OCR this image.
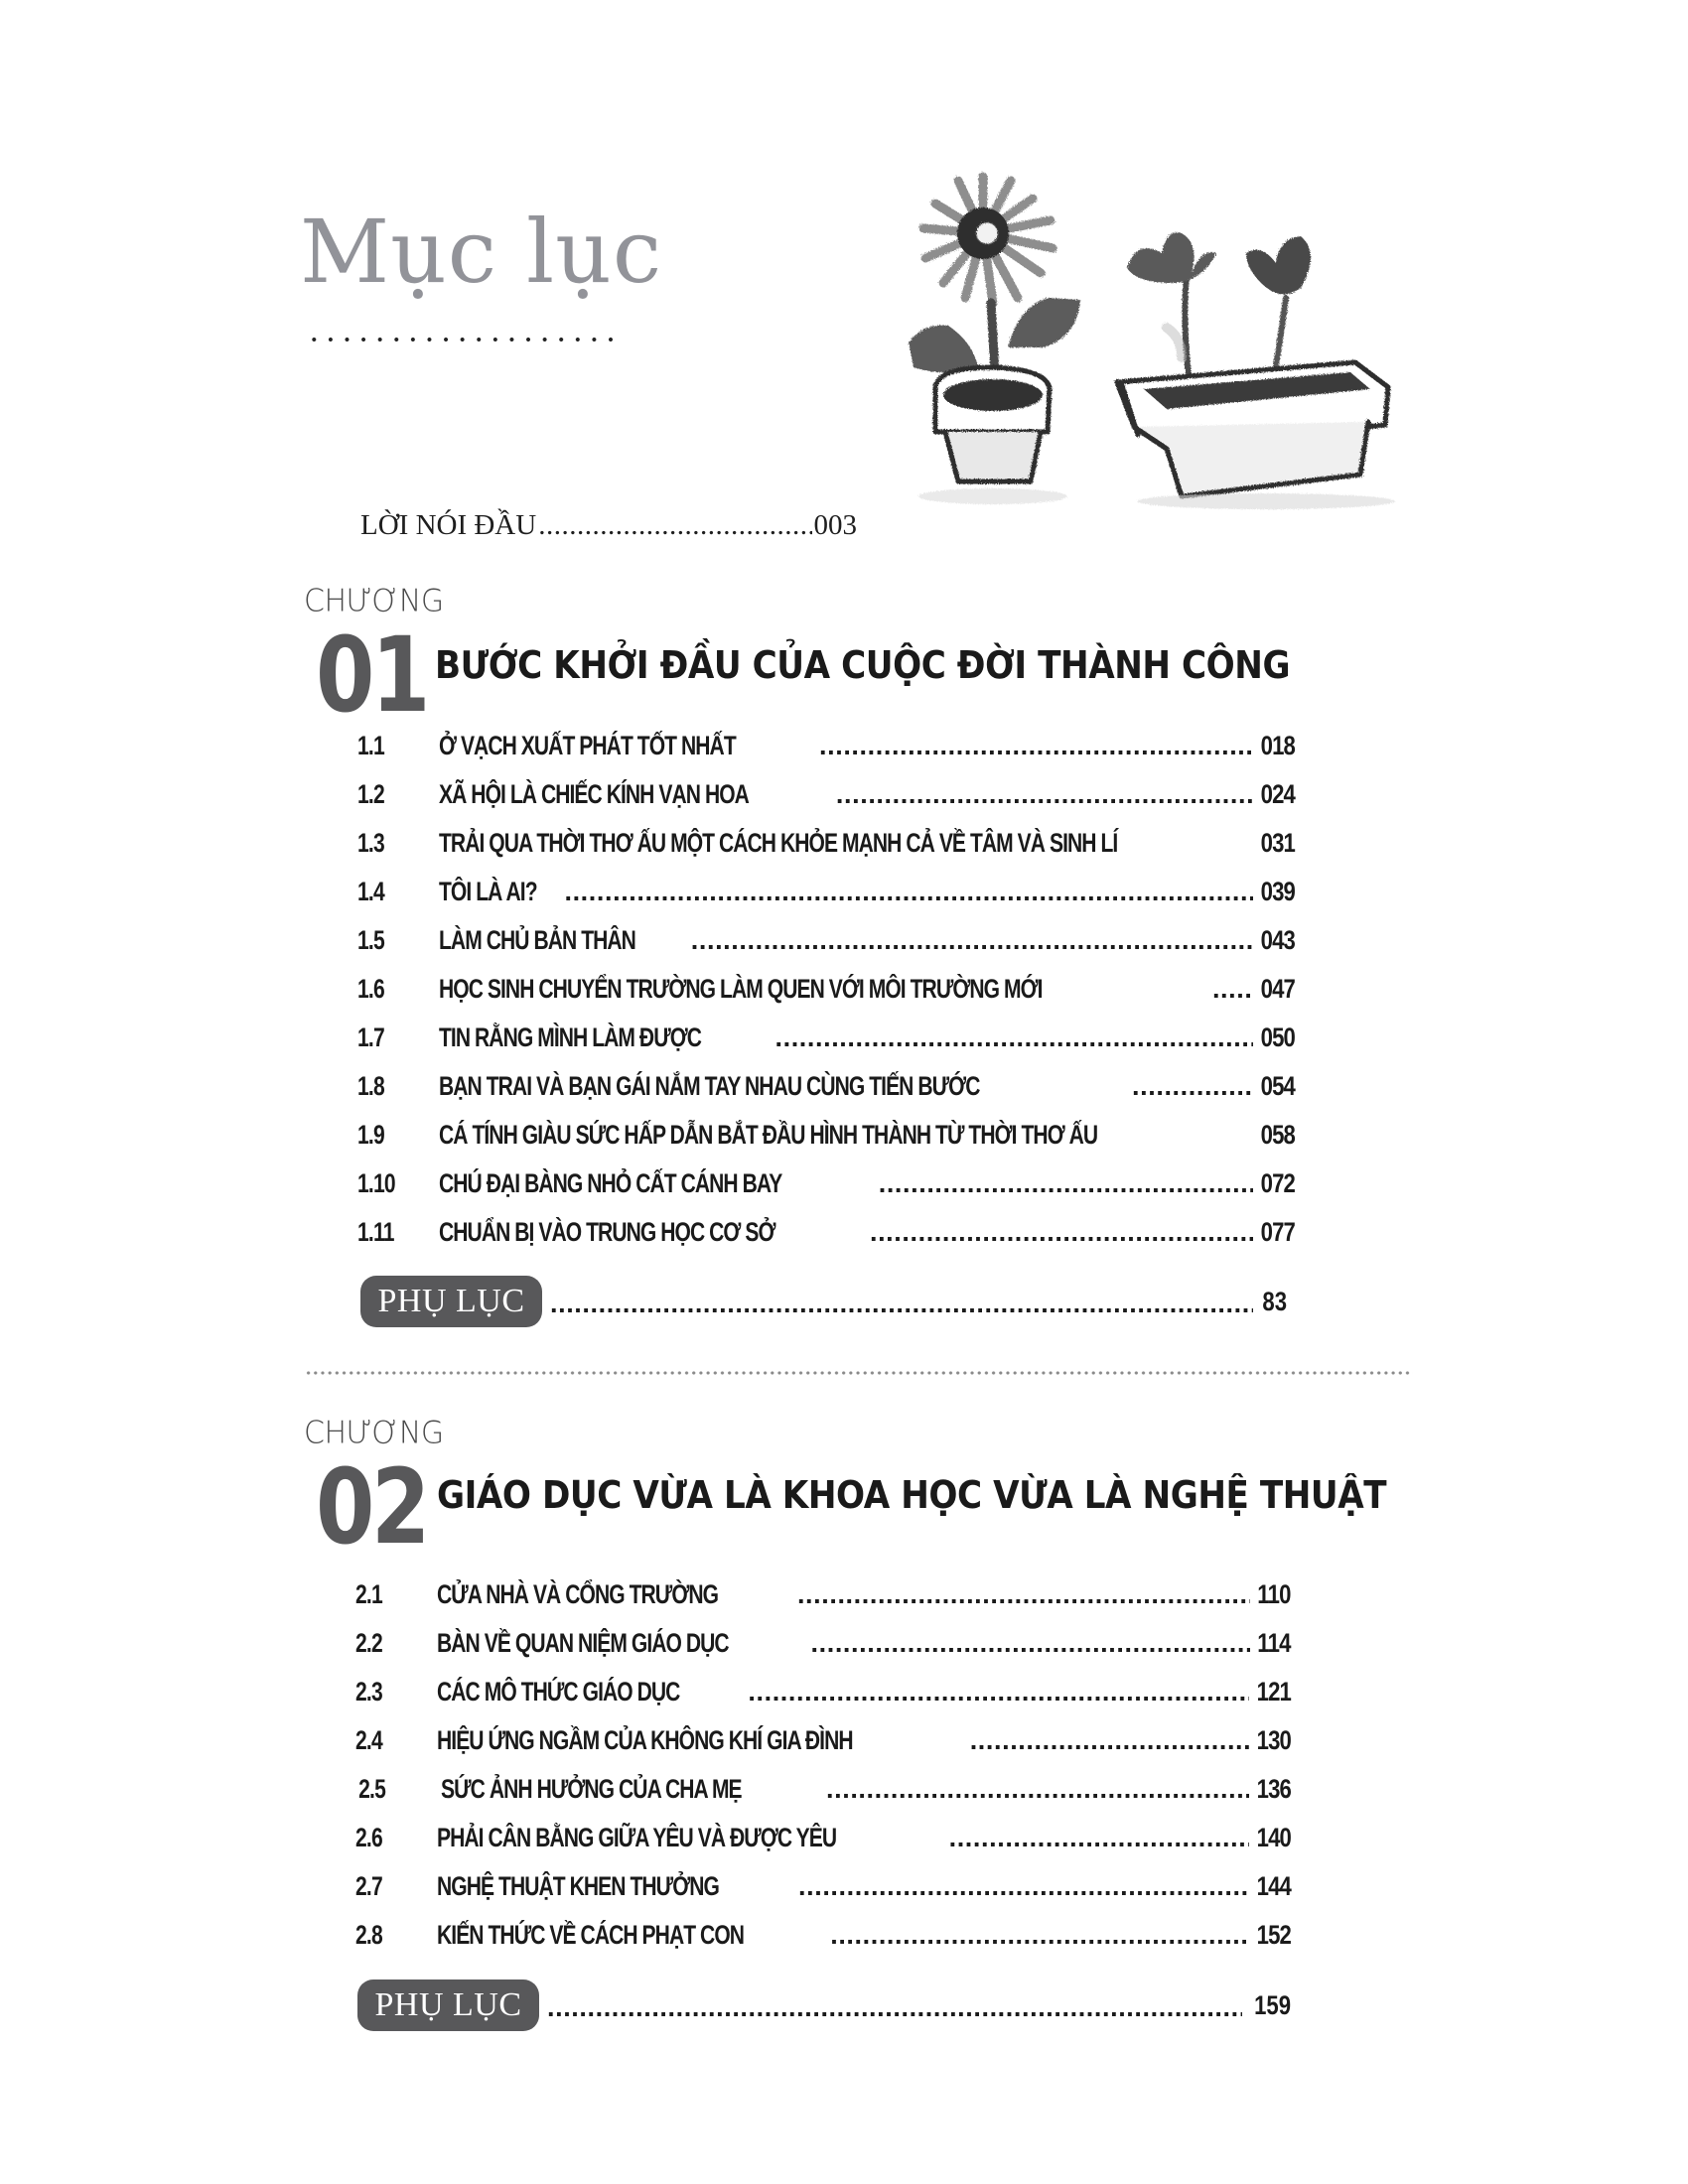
Mục lục
LỜI NÓI ĐẦU .....	003
CHƯƠNG
01 BƯỚC KHỞI ĐẦU CỦA CUỘC ĐỜI THÀNH CÔNG
1.1	Ở VẠCH XUẤT PHÁT TỐT NHẤT .....	018
1.2	XÃ HỘI LÀ CHIẾC KÍNH VẠN HOA .....	024
1.3	TRẢI QUA THỜI THƠ ẤU MỘT CÁCH KHỎE MẠNH CẢ VỀ TÂM VÀ SINH LÍ	031
1.4	TÔI LÀ AI? .....	039
1.5	LÀM CHỦ BẢN THÂN .....	043
1.6	HỌC SINH CHUYỂN TRƯỜNG LÀM QUEN VỚI MÔI TRƯỜNG MỚI .....	047
1.7	TIN RẰNG MÌNH LÀM ĐƯỢC .....	050
1.8	BẠN TRAI VÀ BẠN GÁI NẮM TAY NHAU CÙNG TIẾN BƯỚC .....	054
1.9	CÁ TÍNH GIÀU SỨC HẤP DẪN BẮT ĐẦU HÌNH THÀNH TỪ THỜI THƠ ẤU	058
1.10	CHÚ ĐẠI BÀNG NHỎ CẤT CÁNH BAY .....	072
1.11	CHUẨN BỊ VÀO TRUNG HỌC CƠ SỞ .....	077
PHỤ LỤC .....	83
CHƯƠNG
02 GIÁO DỤC VỪA LÀ KHOA HỌC VỪA LÀ NGHỆ THUẬT
2.1	CỬA NHÀ VÀ CỔNG TRƯỜNG .....	110
2.2	BÀN VỀ QUAN NIỆM GIÁO DỤC .....	114
2.3	CÁC MÔ THỨC GIÁO DỤC .....	121
2.4	HIỆU ỨNG NGẦM CỦA KHÔNG KHÍ GIA ĐÌNH .....	130
2.5	SỨC ẢNH HƯỞNG CỦA CHA MẸ .....	136
2.6	PHẢI CÂN BẰNG GIỮA YÊU VÀ ĐƯỢC YÊU .....	140
2.7	NGHỆ THUẬT KHEN THƯỞNG .....	144
2.8	KIẾN THỨC VỀ CÁCH PHẠT CON .....	152
PHỤ LỤC .....	159
